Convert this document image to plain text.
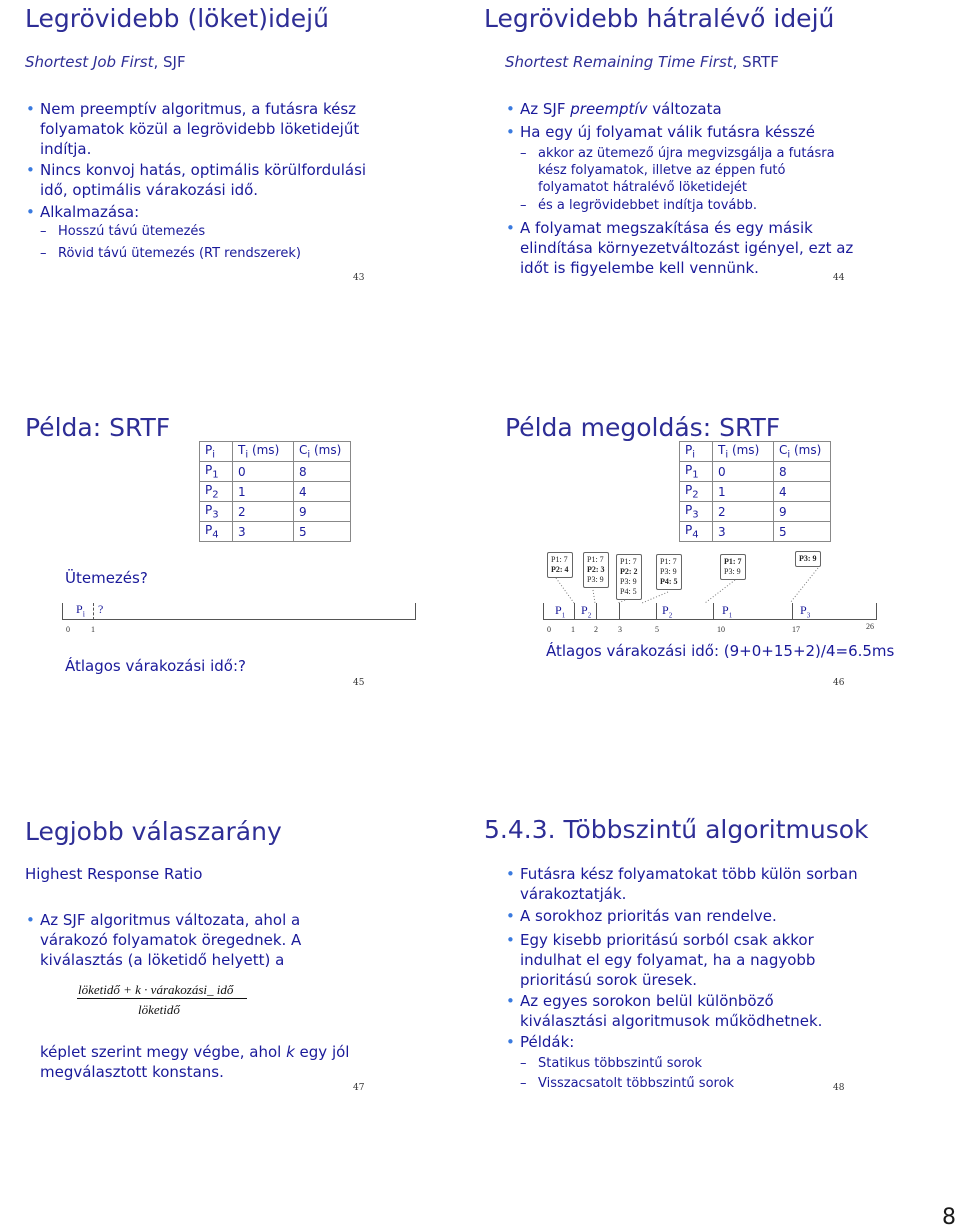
Legrövidebb (löket)idejű
Shortest Job First, SJF
• Nem preemptív algoritmus, a futásra kész folyamatok közül a legrövidebb löketidejűt indítja.
• Nincs konvoj hatás, optimális körülfordulási idő, optimális várakozási idő.
• Alkalmazása:
– Hosszú távú ütemezés
– Rövid távú ütemezés (RT rendszerek)
43
Legrövidebb hátralévő idejű
Shortest Remaining Time First, SRTF
• Az SJF preemptív változata
• Ha egy új folyamat válik futásra késszé
– akkor az ütemező újra megvizsgálja a futásra kész folyamatok, illetve az éppen futó folyamatot hátralévő löketidejét
– és a legrövidebbet indítja tovább.
• A folyamat megszakítása és egy másik elindítása környezetváltozást igényel, ezt az időt is figyelembe kell vennünk.
44
Példa: SRTF
$P_i$	$T_i$ (ms)	$C_i$ (ms)
$P_1$	0	8
$P_2$	1	4
$P_3$	2	9
$P_4$	3	5
Ütemezés?
$P_i$ ?
0	1
Átlagos várakozási idő:?
45
Példa megoldás: SRTF
$P_i$	$T_i$ (ms)	$C_i$ (ms)
$P_1$	0	8
$P_2$	1	4
$P_3$	2	9
$P_4$	3	5
P1: 7
P2: 4
P1: 7
P2: 3
P3: 9
P1: 7
P2: 2
P3: 9
P4: 5
P1: 7
P3: 9
P4: 5
P1: 7
P3: 9
P3: 9
$P_1$ $P_2$	$P_2$	$P_1$	$P_3$
0	1 2	3	5	10	17	26
Átlagos várakozási idő: (9+0+15+2)/4=6.5ms
46
Legjobb válaszarány
Highest Response Ratio
• Az SJF algoritmus változata, ahol a várakozó folyamatok öregednek. A kiválasztás (a löketidő helyett) a
löketidő + k · várakozási_ idő
löketidő
képlet szerint megy végbe, ahol k egy jól megválasztott konstans.
47
5.4.3. Többszintű algoritmusok
• Futásra kész folyamatokat több külön sorban várakoztatják.
• A sorokhoz prioritás van rendelve.
• Egy kisebb prioritású sorból csak akkor indulhat el egy folyamat, ha a nagyobb prioritású sorok üresek.
• Az egyes sorokon belül különböző kiválasztási algoritmusok működhetnek.
• Példák:
– Statikus többszintű sorok
– Visszacsatolt többszintű sorok	48
8
